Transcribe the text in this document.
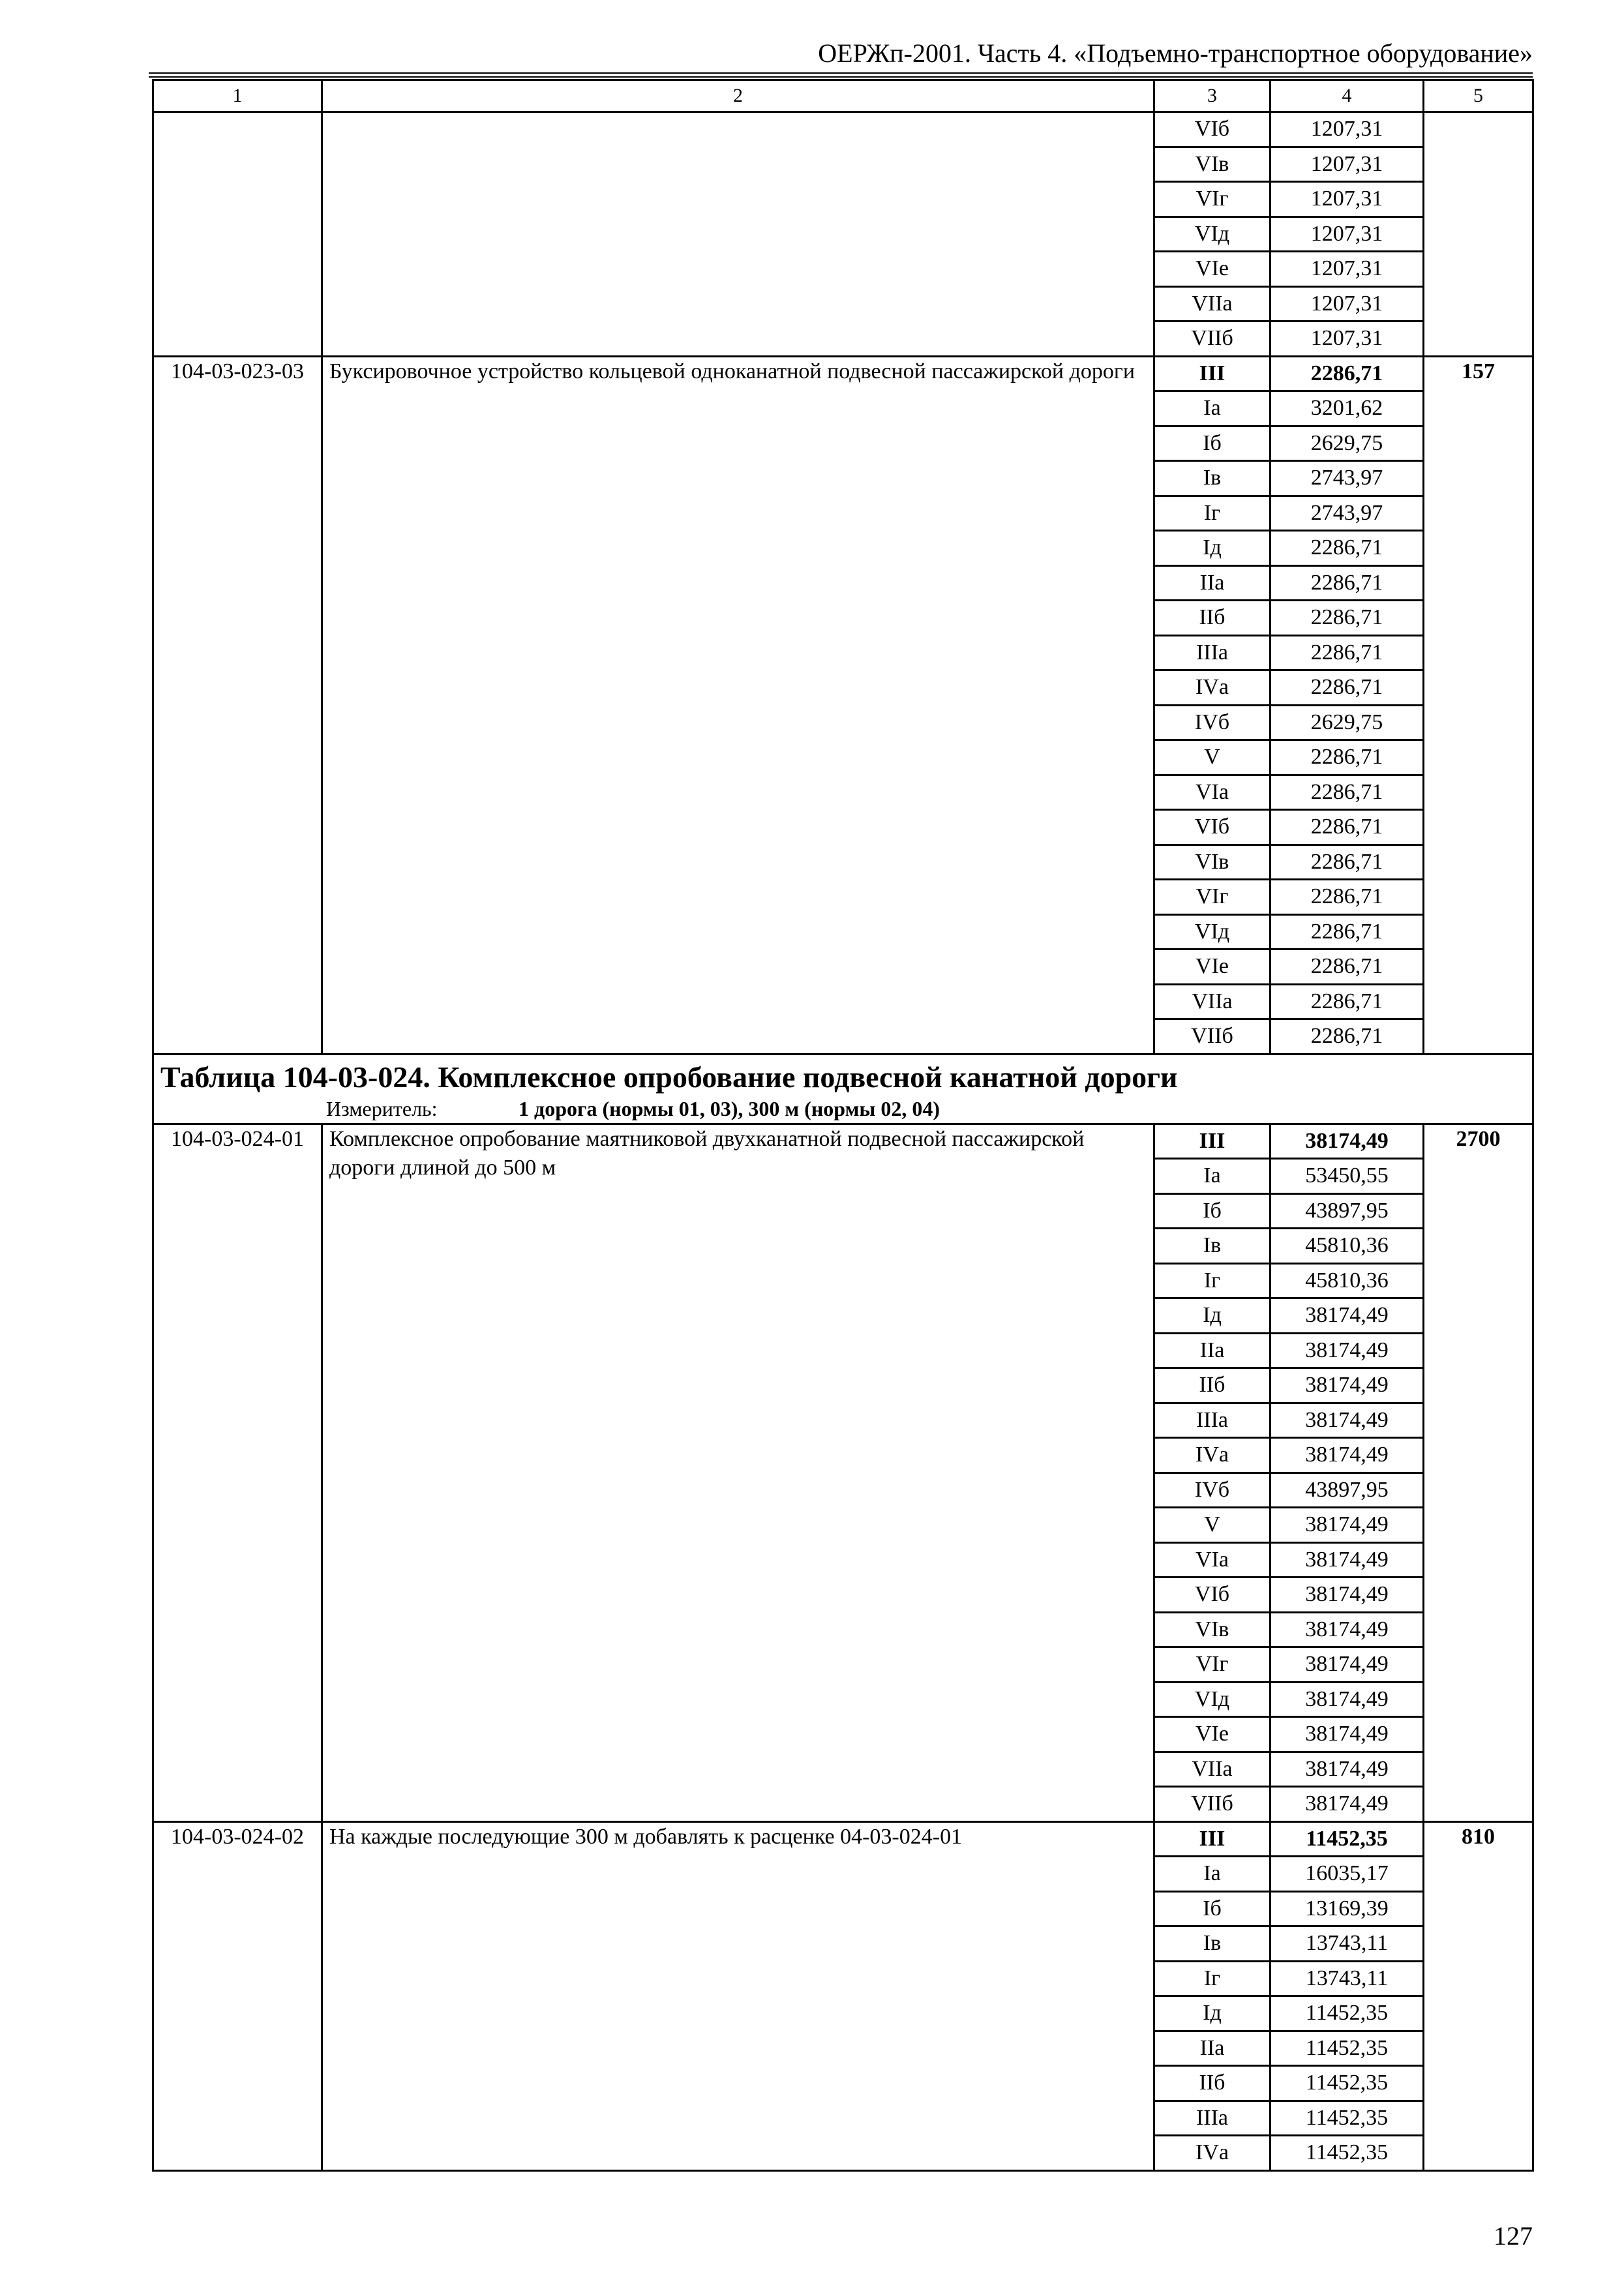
ОЕРЖп-2001. Часть 4. «Подъемно-транспортное оборудование»
1	2	3	4	5
		VIб	1207,31	
		VIв	1207,31	
		VIг	1207,31	
		VIд	1207,31	
		VIе	1207,31	
		VIIа	1207,31	
		VIIб	1207,31	
104-03-023-03	Буксировочное устройство кольцевой одноканатной подвесной пассажирской дороги	III	2286,71	157
		Iа	3201,62	
		Iб	2629,75	
		Iв	2743,97	
		Iг	2743,97	
		Iд	2286,71	
		IIа	2286,71	
		IIб	2286,71	
		IIIа	2286,71	
		IVа	2286,71	
		IVб	2629,75	
		V	2286,71	
		VIа	2286,71	
		VIб	2286,71	
		VIв	2286,71	
		VIг	2286,71	
		VIд	2286,71	
		VIе	2286,71	
		VIIа	2286,71	
		VIIб	2286,71	

Таблица 104-03-024. Комплексное опробование подвесной канатной дороги
Измеритель: 1 дорога (нормы 01, 03), 300 м (нормы 02, 04)				

104-03-024-01	Комплексное опробование маятниковой двухканатной подвесной пассажирской дороги длиной до 500 м	III	38174,49	2700
		Iа	53450,55	
		Iб	43897,95	
		Iв	45810,36	
		Iг	45810,36	
		Iд	38174,49	
		IIа	38174,49	
		IIб	38174,49	
		IIIа	38174,49	
		IVа	38174,49	
		IVб	43897,95	
		V	38174,49	
		VIа	38174,49	
		VIб	38174,49	
		VIв	38174,49	
		VIг	38174,49	
		VIд	38174,49	
		VIе	38174,49	
		VIIа	38174,49	
		VIIб	38174,49	
104-03-024-02	На каждые последующие 300 м добавлять к расценке 04-03-024-01	III	11452,35	810
		Iа	16035,17	
		Iб	13169,39	
		Iв	13743,11	
		Iг	13743,11	
		Iд	11452,35	
		IIа	11452,35	
		IIб	11452,35	
		IIIа	11452,35	
		IVа	11452,35	
127
